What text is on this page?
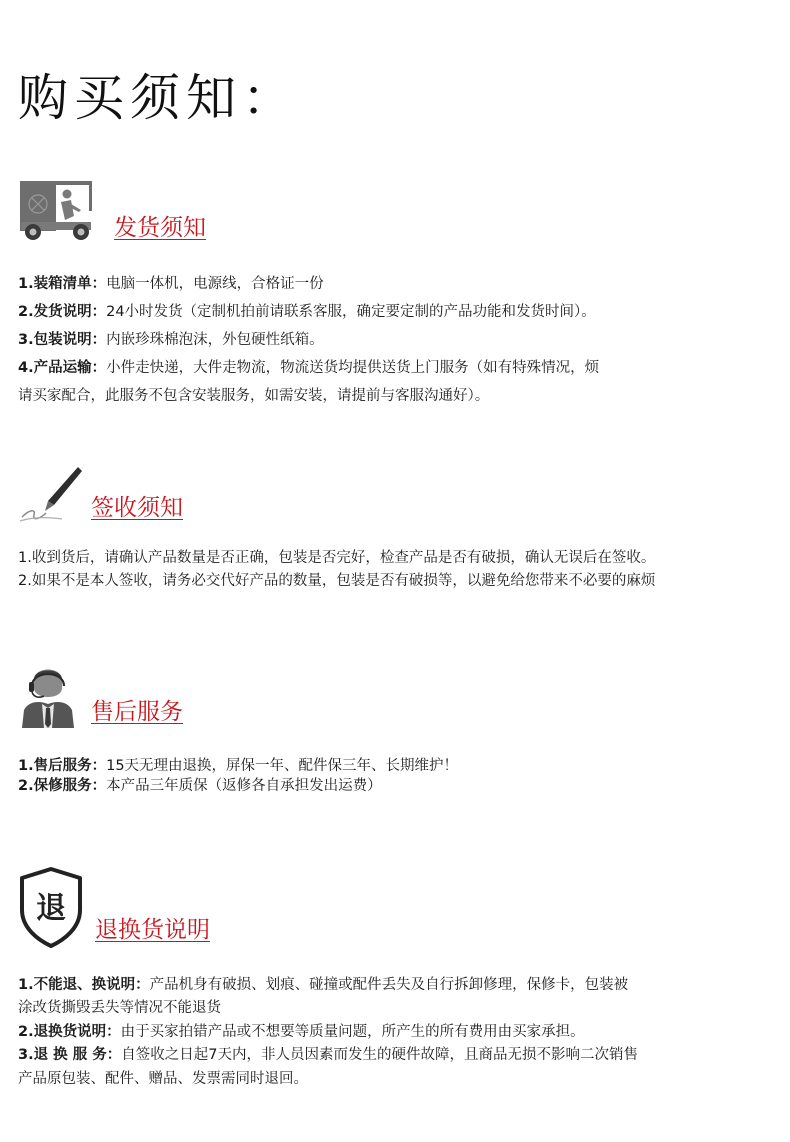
购买须知：
发货须知
1.装箱清单：电脑一体机，电源线，合格证一份
2.发货说明：24小时发货（定制机拍前请联系客服，确定要定制的产品功能和发货时间）。
3.包装说明：内嵌珍珠棉泡沫，外包硬性纸箱。
4.产品运输：小件走快递，大件走物流，物流送货均提供送货上门服务（如有特殊情况，烦
请买家配合，此服务不包含安装服务，如需安装，请提前与客服沟通好）。
签收须知
1.收到货后，请确认产品数量是否正确，包装是否完好，检查产品是否有破损，确认无误后在签收。
2.如果不是本人签收，请务必交代好产品的数量，包装是否有破损等，以避免给您带来不必要的麻烦
售后服务
1.售后服务：15天无理由退换，屏保一年、配件保三年、长期维护！
2.保修服务：本产品三年质保（返修各自承担发出运费）
退
退换货说明
1.不能退、换说明：产品机身有破损、划痕、碰撞或配件丢失及自行拆卸修理，保修卡，包装被
涂改货撕毁丢失等情况不能退货
2.退换货说明：由于买家拍错产品或不想要等质量问题，所产生的所有费用由买家承担。
3.退 换 服 务：自签收之日起7天内，非人员因素而发生的硬件故障，且商品无损不影响二次销售
产品原包装、配件、赠品、发票需同时退回。
